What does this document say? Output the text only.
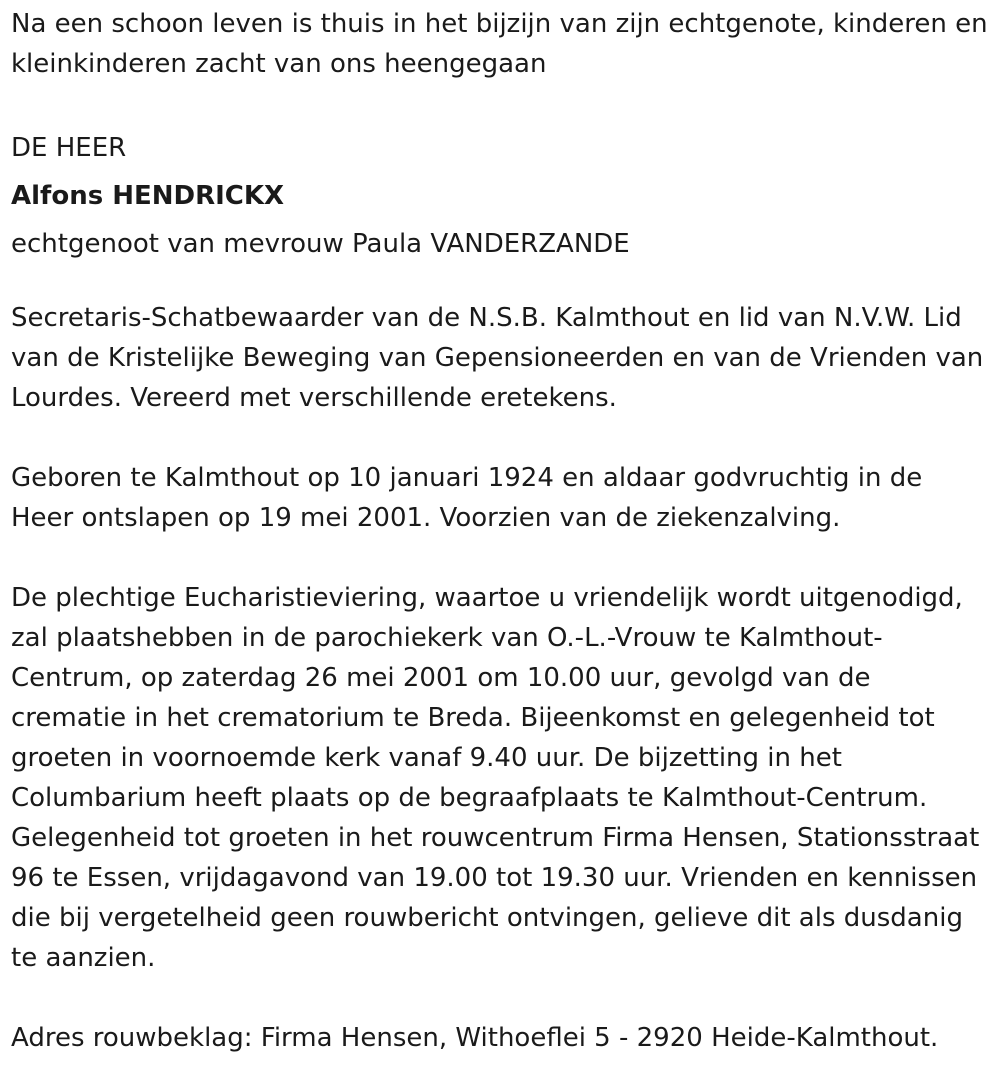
Na een schoon leven is thuis in het bijzijn van zijn echtgenote, kinderen en kleinkinderen zacht van ons heengegaan

DE HEER
Alfons HENDRICKX
echtgenoot van mevrouw Paula VANDERZANDE

Secretaris-Schatbewaarder van de N.S.B. Kalmthout en lid van N.V.W. Lid van de Kristelijke Beweging van Gepensioneerden en van de Vrienden van Lourdes. Vereerd met verschillende eretekens.

Geboren te Kalmthout op 10 januari 1924 en aldaar godvruchtig in de Heer ontslapen op 19 mei 2001. Voorzien van de ziekenzalving.

De plechtige Eucharistieviering, waartoe u vriendelijk wordt uitgenodigd, zal plaatshebben in de parochiekerk van O.-L.-Vrouw te Kalmthout-Centrum, op zaterdag 26 mei 2001 om 10.00 uur, gevolgd van de crematie in het crematorium te Breda. Bijeenkomst en gelegenheid tot groeten in voornoemde kerk vanaf 9.40 uur. De bijzetting in het Columbarium heeft plaats op de begraafplaats te Kalmthout-Centrum. Gelegenheid tot groeten in het rouwcentrum Firma Hensen, Stationsstraat 96 te Essen, vrijdagavond van 19.00 tot 19.30 uur. Vrienden en kennissen die bij vergetelheid geen rouwbericht ontvingen, gelieve dit als dusdanig te aanzien.

Adres rouwbeklag: Firma Hensen, Withoeflei 5 - 2920 Heide-Kalmthout.
